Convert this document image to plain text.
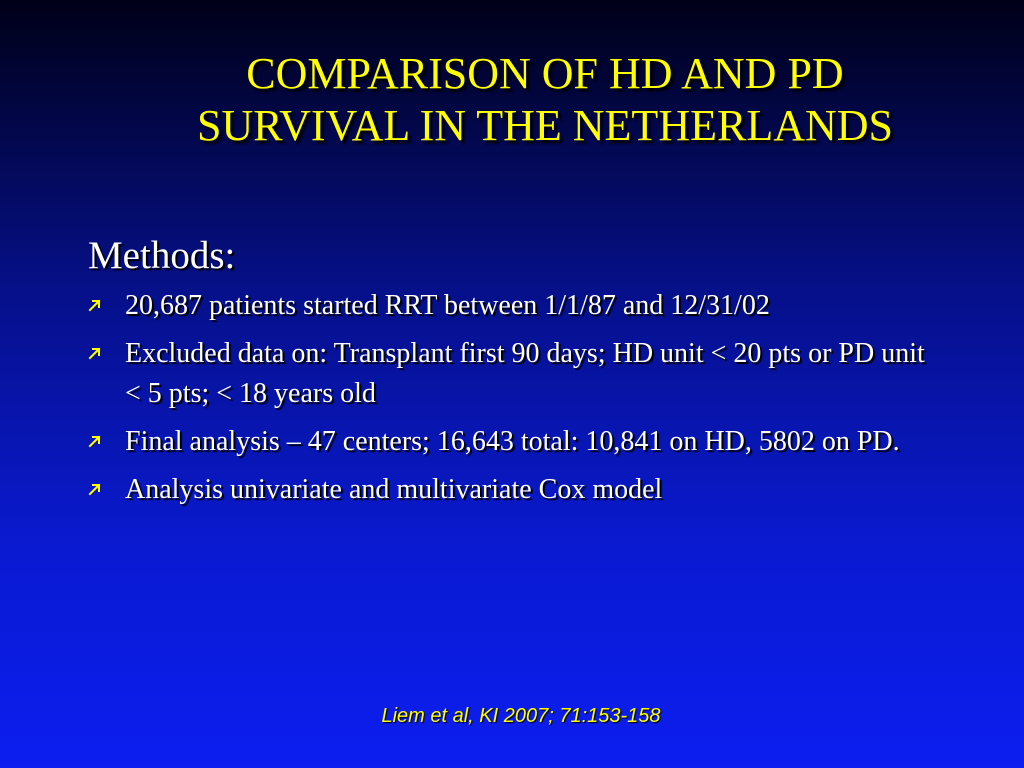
COMPARISON OF HD AND PD
SURVIVAL IN THE NETHERLANDS
Methods:
20,687 patients started RRT between 1/1/87 and 12/31/02
Excluded data on: Transplant first 90 days; HD unit < 20 pts or PD unit < 5 pts; < 18 years old
Final analysis – 47 centers; 16,643 total: 10,841 on HD, 5802 on PD.
Analysis univariate and multivariate Cox model
Liem et al, KI 2007; 71:153-158
